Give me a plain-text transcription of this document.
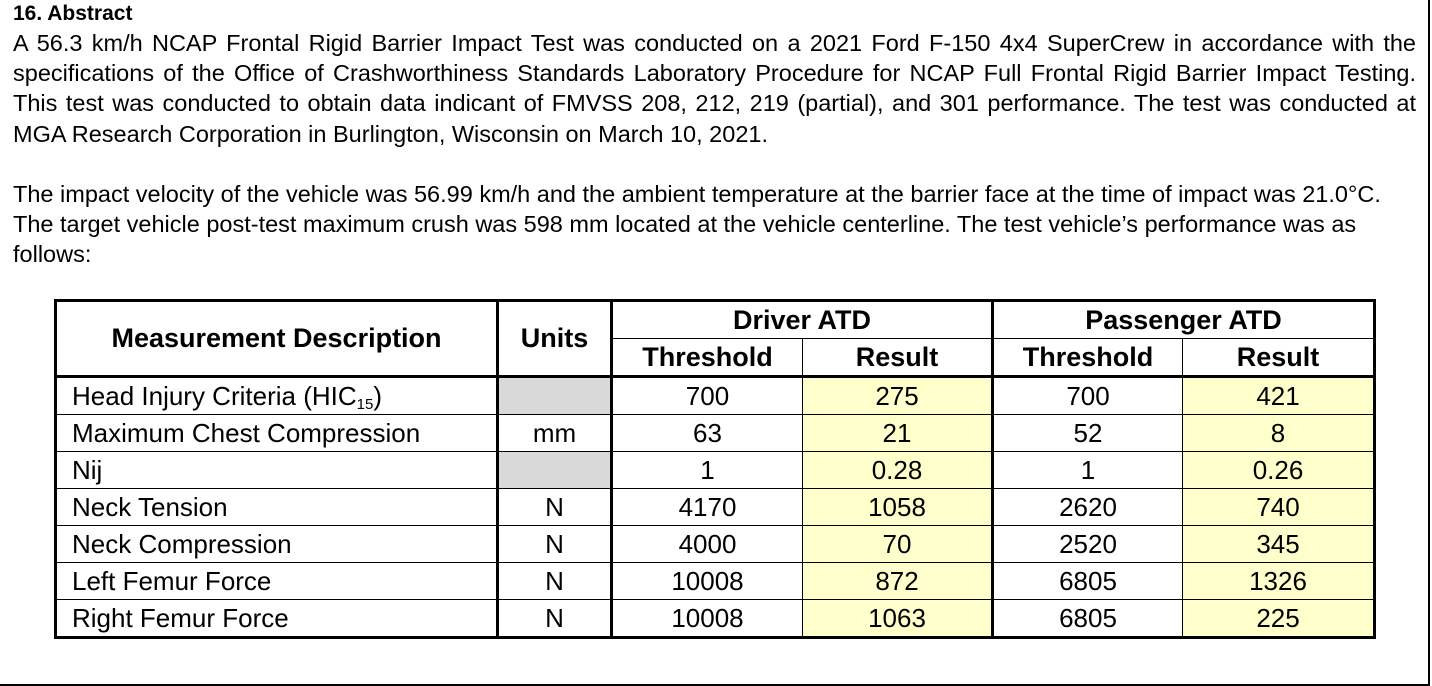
16. Abstract

A 56.3 km/h NCAP Frontal Rigid Barrier Impact Test was conducted on a 2021 Ford F-150 4x4 SuperCrew in accordance with the specifications of the Office of Crashworthiness Standards Laboratory Procedure for NCAP Full Frontal Rigid Barrier Impact Testing. This test was conducted to obtain data indicant of FMVSS 208, 212, 219 (partial), and 301 performance. The test was conducted at MGA Research Corporation in Burlington, Wisconsin on March 10, 2021.

The impact velocity of the vehicle was 56.99 km/h and the ambient temperature at the barrier face at the time of impact was 21.0°C. The target vehicle post-test maximum crush was 598 mm located at the vehicle centerline. The test vehicle’s performance was as follows:

Measurement Description	Units	Driver ATD		Passenger ATD	
		Threshold	Result	Threshold	Result
Head Injury Criteria $(HIC_{15})$		700	275	700	421
Maximum Chest Compression	mm	63	21	52	8
Nij		1	0.28	1	0.26
Neck Tension	N	4170	1058	2620	740
Neck Compression	N	4000	70	2520	345
Left Femur Force	N	10008	872	6805	1326
Right Femur Force	N	10008	1063	6805	225
